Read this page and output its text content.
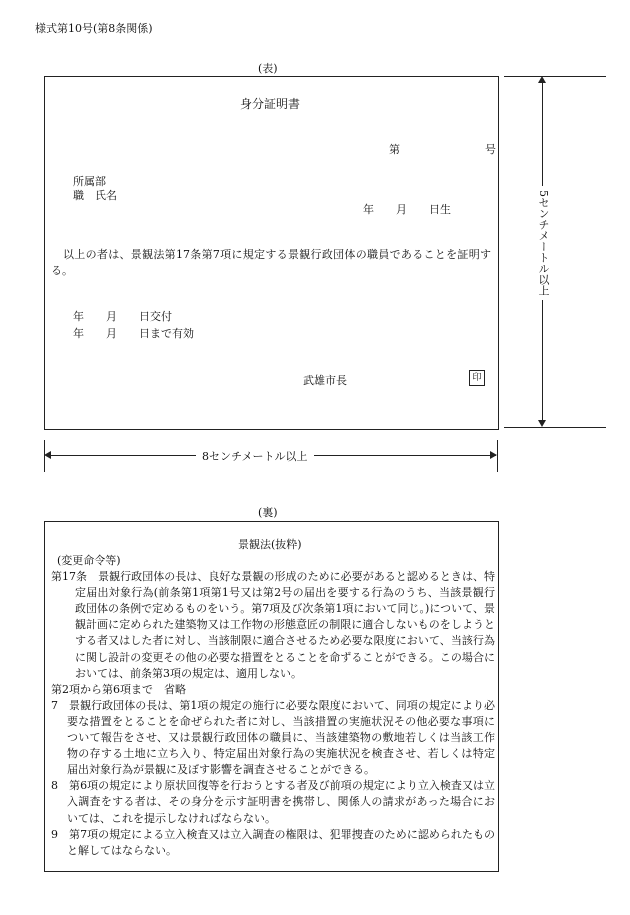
様式第10号(第8条関係)
(表)
身分証明書
第	号
所属部
職　氏名
年 月 日生
以上の者は、景観法第17条第7項に規定する景観行政団体の職員であることを証明する。
年 月 日交付
年 月 日まで有効
武雄市長	印
5センチメートル以上
8センチメートル以上
(裏)
景観法(抜粋)

(変更命令等)

第17条　景観行政団体の長は、良好な景観の形成のために必要があると認めるときは、特定届出対象行為(前条第1項第1号又は第2号の届出を要する行為のうち、当該景観行政団体の条例で定めるものをいう。第7項及び次条第1項において同じ。)について、景観計画に定められた建築物又は工作物の形態意匠の制限に適合しないものをしようとする者又はした者に対し、当該制限に適合させるため必要な限度において、当該行為に関し設計の変更その他の必要な措置をとることを命ずることができる。この場合においては、前条第3項の規定は、適用しない。

第2項から第6項まで　省略

7　景観行政団体の長は、第1項の規定の施行に必要な限度において、同項の規定により必要な措置をとることを命ぜられた者に対し、当該措置の実施状況その他必要な事項について報告をさせ、又は景観行政団体の職員に、当該建築物の敷地若しくは当該工作物の存する土地に立ち入り、特定届出対象行為の実施状況を検査させ、若しくは特定届出対象行為が景観に及ぼす影響を調査させることができる。

8　第6項の規定により原状回復等を行おうとする者及び前項の規定により立入検査又は立入調査をする者は、その身分を示す証明書を携帯し、関係人の請求があった場合においては、これを提示しなければならない。

9　第7項の規定による立入検査又は立入調査の権限は、犯罪捜査のために認められたものと解してはならない。
